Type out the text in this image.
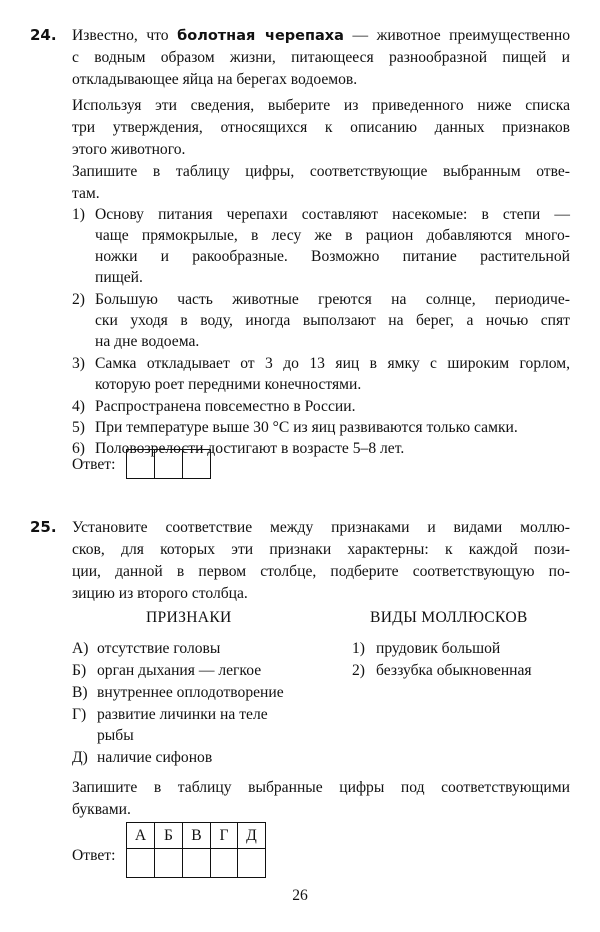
24. Известно, что болотная черепаха — животное преимущественно
с водным образом жизни, питающееся разнообразной пищей и
откладывающее яйца на берегах водоемов.
Используя эти сведения, выберите из приведенного ниже списка
три утверждения, относящихся к описанию данных признаков
этого животного.
Запишите в таблицу цифры, соответствующие выбранным отве-
там.
1) Основу питания черепахи составляют насекомые: в степи —
чаще прямокрылые, в лесу же в рацион добавляются много-
ножки и ракообразные. Возможно питание растительной
пищей.
2) Большую часть животные греются на солнце, периодиче-
ски уходя в воду, иногда выползают на берег, а ночью спят
на дне водоема.
3) Самка откладывает от 3 до 13 яиц в ямку с широким горлом,
которую роет передними конечностями.
4) Распространена повсеместно в России.
5) При температуре выше 30 °С из яиц развиваются только самки.
6) Половозрелости достигают в возрасте 5–8 лет.
Ответ:
25. Установите соответствие между признаками и видами моллю-
сков, для которых эти признаки характерны: к каждой пози-
ции, данной в первом столбце, подберите соответствующую по-
зицию из второго столбца.
ПРИЗНАКИ	ВИДЫ МОЛЛЮСКОВ
А) отсутствие головы
Б) орган дыхания — легкое
В) внутреннее оплодотворение
Г) развитие личинки на теле
рыбы
Д) наличие сифонов
1) прудовик большой
2) беззубка обыкновенная
Запишите в таблицу выбранные цифры под соответствующими
буквами.
Ответ:
А	Б	В	Г	Д
26
